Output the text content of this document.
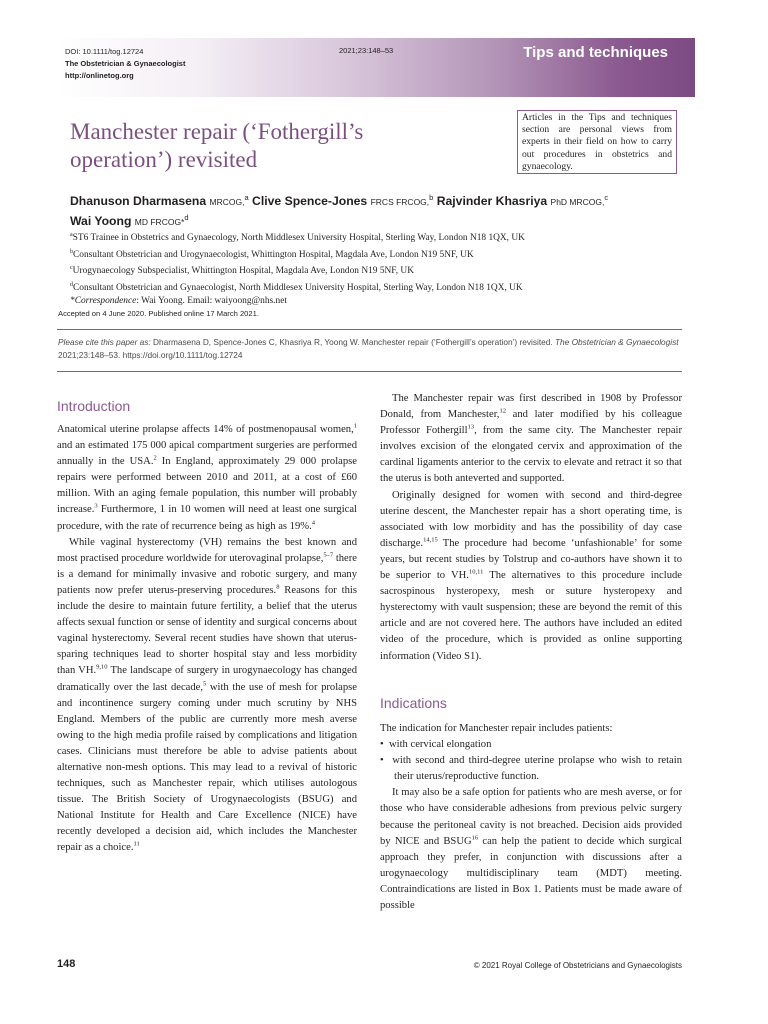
DOI: 10.1111/tog.12724
The Obstetrician & Gynaecologist
http://onlinetog.org
2021;23:148–53	Tips and techniques
Manchester repair (‘Fothergill’s operation’) revisited
Articles in the Tips and techniques section are personal views from experts in their field on how to carry out procedures in obstetrics and gynaecology.
Dhanuson Dharmasena MRCOG,$^a$ Clive Spence-Jones FRCS FRCOG,$^b$ Rajvinder Khasriya PhD MRCOG,$^c$
Wai Yoong MD FRCOG*$^d$
$^a$ST6 Trainee in Obstetrics and Gynaecology, North Middlesex University Hospital, Sterling Way, London N18 1QX, UK
$^b$Consultant Obstetrician and Urogynaecologist, Whittington Hospital, Magdala Ave, London N19 5NF, UK
$^c$Urogynaecology Subspecialist, Whittington Hospital, Magdala Ave, London N19 5NF, UK
$^d$Consultant Obstetrician and Gynaecologist, North Middlesex University Hospital, Sterling Way, London N18 1QX, UK
*Correspondence: Wai Yoong. Email: waiyoong@nhs.net
Accepted on 4 June 2020. Published online 17 March 2021.
Please cite this paper as: Dharmasena D, Spence-Jones C, Khasriya R, Yoong W. Manchester repair (‘Fothergill’s operation’) revisited. The Obstetrician & Gynaecologist 2021;23:148–53. https://doi.org/10.1111/tog.12724
Introduction

Anatomical uterine prolapse affects 14% of postmenopausal women,$^1$ and an estimated 175 000 apical compartment surgeries are performed annually in the USA.$^2$ In England, approximately 29 000 prolapse repairs were performed between 2010 and 2011, at a cost of £60 million. With an aging female population, this number will probably increase.$^3$ Furthermore, 1 in 10 women will need at least one surgical procedure, with the rate of recurrence being as high as 19%.$^4$

While vaginal hysterectomy (VH) remains the best known and most practised procedure worldwide for uterovaginal prolapse,$^{5-7}$ there is a demand for minimally invasive and robotic surgery, and many patients now prefer uterus-preserving procedures.$^8$ Reasons for this include the desire to maintain future fertility, a belief that the uterus affects sexual function or sense of identity and surgical concerns about vaginal hysterectomy. Several recent studies have shown that uterus-sparing techniques lead to shorter hospital stay and less morbidity than VH.$^{9,10}$ The landscape of surgery in urogynaecology has changed dramatically over the last decade,$^5$ with the use of mesh for prolapse and incontinence surgery coming under much scrutiny by NHS England. Members of the public are currently more mesh averse owing to the high media profile raised by complications and litigation cases. Clinicians must therefore be able to advise patients about alternative non-mesh options. This may lead to a revival of historic techniques, such as Manchester repair, which utilises autologous tissue. The British Society of Urogynaecologists (BSUG) and National Institute for Health and Care Excellence (NICE) have recently developed a decision aid, which includes the Manchester repair as a choice.$^{11}$

The Manchester repair was first described in 1908 by Professor Donald, from Manchester,$^{12}$ and later modified by his colleague Professor Fothergill$^{13}$, from the same city. The Manchester repair involves excision of the elongated cervix and approximation of the cardinal ligaments anterior to the cervix to elevate and retract it so that the uterus is both anteverted and supported.

Originally designed for women with second and third-degree uterine descent, the Manchester repair has a short operating time, is associated with low morbidity and has the possibility of day case discharge.$^{14,15}$ The procedure had become ‘unfashionable’ for some years, but recent studies by Tolstrup and co-authors have shown it to be superior to VH.$^{10,11}$ The alternatives to this procedure include sacrospinous hysteropexy, mesh or suture hysteropexy and hysterectomy with vault suspension; these are beyond the remit of this article and are not covered here. The authors have included an edited video of the procedure, which is provided as online supporting information (Video S1).

Indications

The indication for Manchester repair includes patients:

•  with cervical elongation

•  with second and third-degree uterine prolapse who wish to retain their uterus/reproductive function.

It may also be a safe option for patients who are mesh averse, or for those who have considerable adhesions from previous pelvic surgery because the peritoneal cavity is not breached. Decision aids provided by NICE and BSUG$^{16}$ can help the patient to decide which surgical approach they prefer, in conjunction with discussions after a urogynaecology multidisciplinary team (MDT) meeting. Contraindications are listed in Box 1. Patients must be made aware of possible

148	© 2021 Royal College of Obstetricians and Gynaecologists
